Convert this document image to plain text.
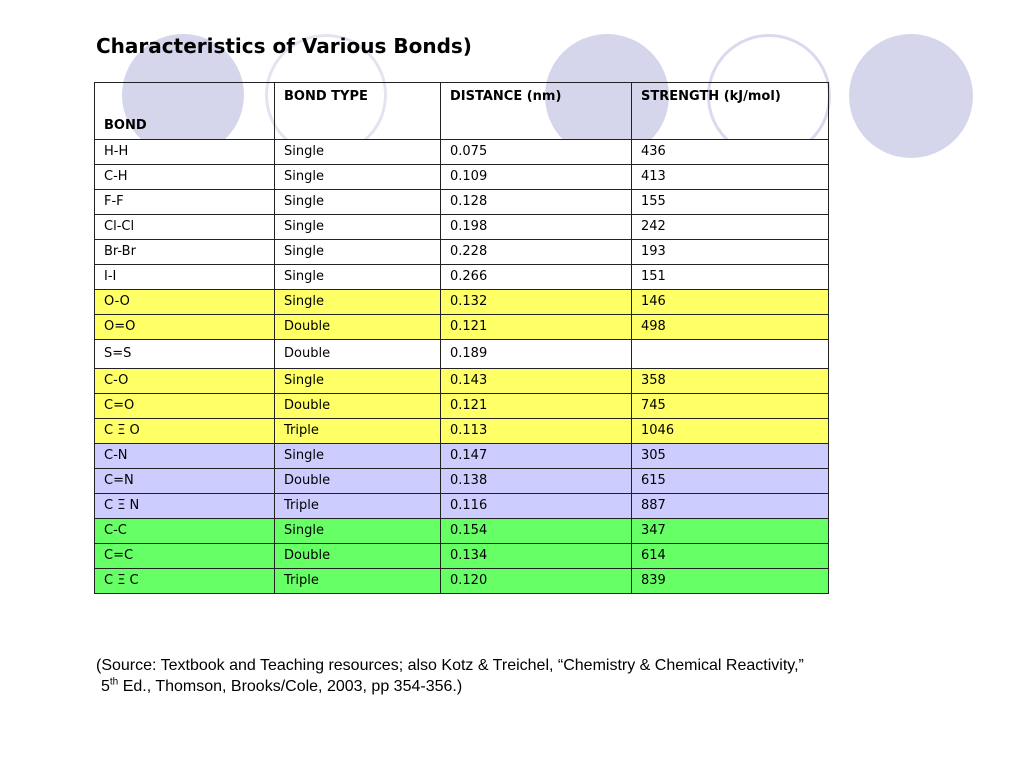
Characteristics of Various Bonds)
BOND	BOND TYPE	DISTANCE (nm)	STRENGTH (kJ/mol)
H-H	Single	0.075	436
C-H	Single	0.109	413
F-F	Single	0.128	155
Cl-Cl	Single	0.198	242
Br-Br	Single	0.228	193
I-I	Single	0.266	151
O-O	Single	0.132	146
O=O	Double	0.121	498
S=S	Double	0.189	
C-O	Single	0.143	358
C=O	Double	0.121	745
C Ξ O	Triple	0.113	1046
C-N	Single	0.147	305
C=N	Double	0.138	615
C Ξ N	Triple	0.116	887
C-C	Single	0.154	347
C=C	Double	0.134	614
C Ξ C	Triple	0.120	839
(Source: Textbook and Teaching resources; also Kotz & Treichel, “Chemistry & Chemical Reactivity,”
5th Ed., Thomson, Brooks/Cole, 2003, pp 354-356.)
